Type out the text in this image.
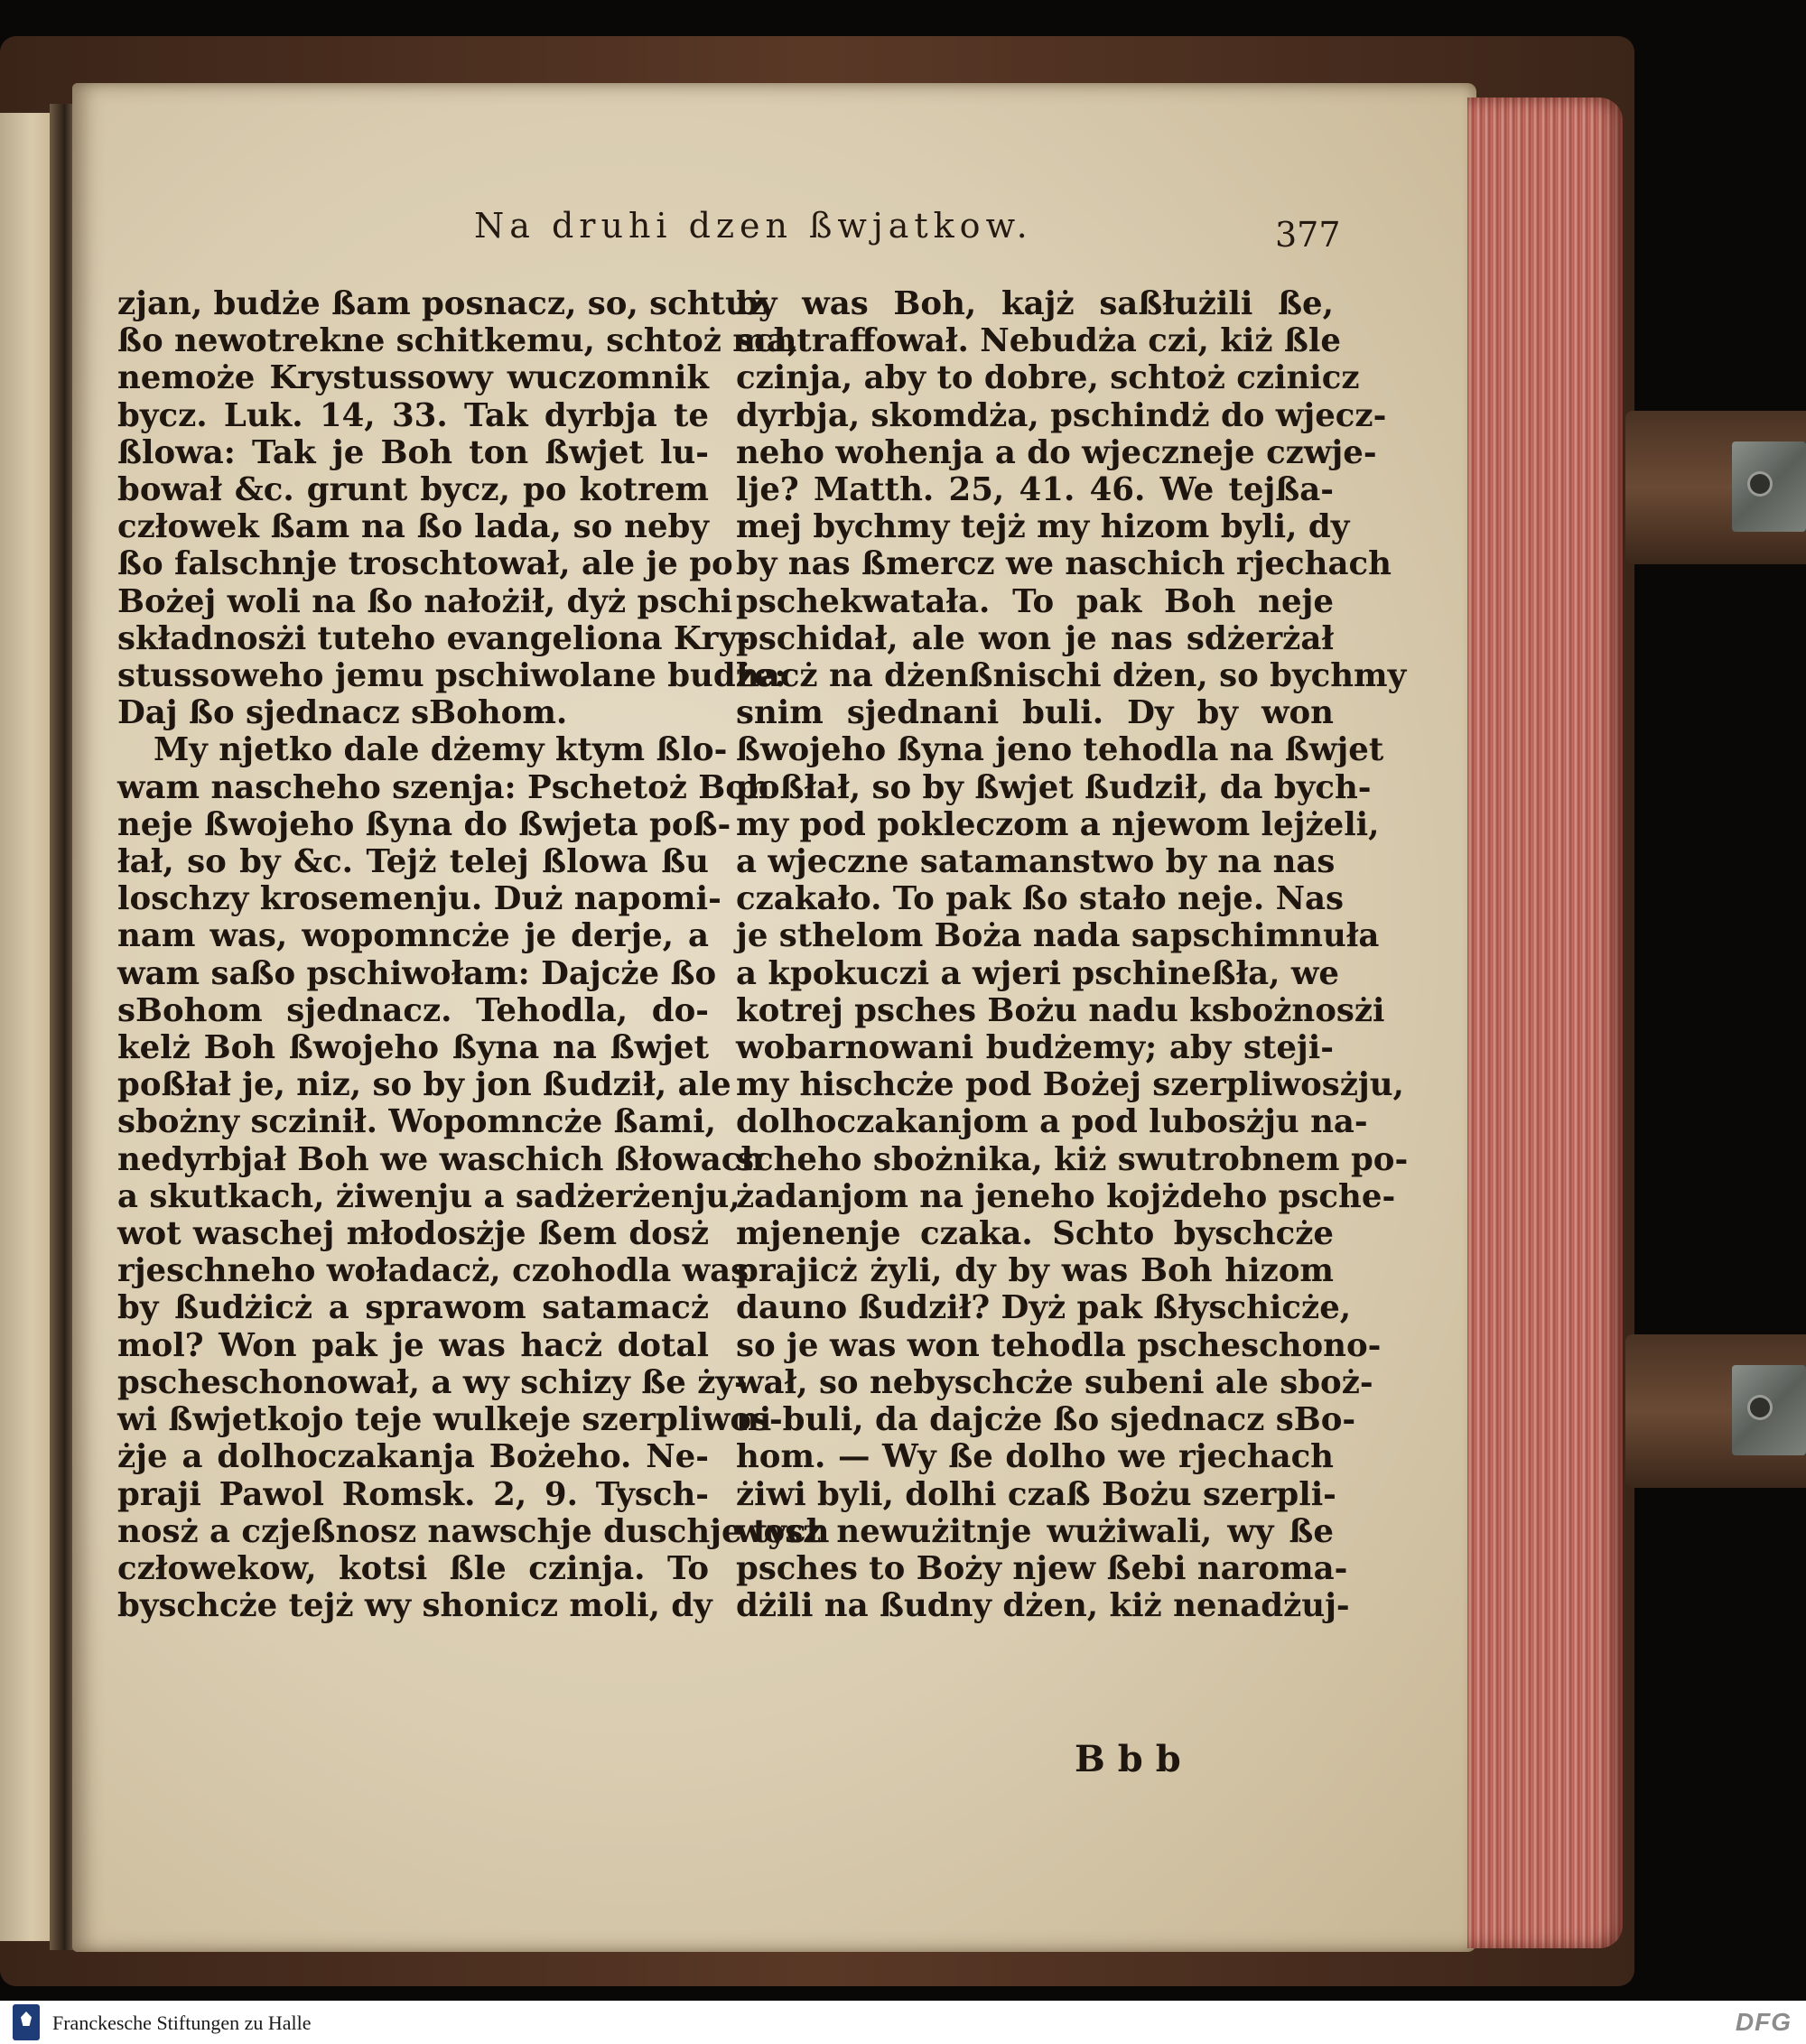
Na druhi dzen ßwjatkow.	377
zjan, budże ßam posnacz, so, schtuż
ßo newotrekne schitkemu, schtoż ma,
nemoże Krystussowy wuczomnik
bycz. Luk. 14, 33. Tak dyrbja te
ßlowa: Tak je Boh ton ßwjet lu-
bował &c. grunt bycz, po kotrem
człowek ßam na ßo lada, so neby
ßo falschnje troschtował, ale je po
Bożej woli na ßo nałożił, dyż pschi
składnosżi tuteho evangeliona Kry-
stussoweho jemu pschiwolane budże:
Daj ßo sjednacz sBohom.
My njetko dale dżemy ktym ßlo-
wam nascheho szenja: Pschetoż Boh
neje ßwojeho ßyna do ßwjeta poß-
łał, so by &c. Tejż telej ßlowa ßu
loschzy krosemenju. Duż napomi-
nam was, wopomncże je derje, a
wam saßo pschiwołam: Dajcże ßo
sBohom sjednacz. Tehodla, do-
kelż Boh ßwojeho ßyna na ßwjet
poßłał je, niz, so by jon ßudził, ale
sbożny sczinił. Wopomncże ßami,
nedyrbjał Boh we waschich ßłowach
a skutkach, żiwenju a sadżerżenju,
wot waschej młodosżje ßem dosż
rjeschneho woładacż, czohodla was
by ßudżicż a sprawom satamacż
mol? Won pak je was hacż dotal
pscheschonował, a wy schizy ße ży-
wi ßwjetkojo teje wulkeje szerpliwos-
żje a dolhoczakanja Bożeho. Ne-
praji Pawol Romsk. 2, 9. Tysch-
nosż a czjeßnosz nawschje duschje tych
człowekow, kotsi ßle czinja. To
byschcże tejż wy shonicz moli, dy
by was Boh, kajż saßłużili ße,
schtraffował. Nebudża czi, kiż ßle
czinja, aby to dobre, schtoż czinicz
dyrbja, skomdża, pschindż do wjecz-
neho wohenja a do wjeczneje czwje-
lje? Matth. 25, 41. 46. We tejßa-
mej bychmy tejż my hizom byli, dy
by nas ßmercz we naschich rjechach
pschekwatała. To pak Boh neje
pschidał, ale won je nas sdżerżał
hacż na dżenßnischi dżen, so bychmy
snim sjednani buli. Dy by won
ßwojeho ßyna jeno tehodla na ßwjet
poßłał, so by ßwjet ßudził, da bych-
my pod pokleczom a njewom lejżeli,
a wjeczne satamanstwo by na nas
czakało. To pak ßo stało neje. Nas
je sthelom Boża nada sapschimnuła
a kpokuczi a wjeri pschineßła, we
kotrej psches Bożu nadu ksbożnosżi
wobarnowani budżemy; aby steji-
my hischcże pod Bożej szerpliwosżju,
dolhoczakanjom a pod lubosżju na-
scheho sbożnika, kiż swutrobnem po-
żadanjom na jeneho kojżdeho psche-
mjenenje czaka. Schto byschcże
prajicż żyli, dy by was Boh hizom
dauno ßudził? Dyż pak ßłyschicże,
so je was won tehodla pscheschono-
wał, so nebyschcże subeni ale sboż-
ni buli, da dajcże ßo sjednacz sBo-
hom. — Wy ße dolho we rjechach
żiwi byli, dolhi czaß Bożu szerpli-
wosż newużitnje wużiwali, wy ße
psches to Boży njew ßebi naroma-
dżili na ßudny dżen, kiż nenadżuj-
Bbb
Franckesche Stiftungen zu Halle	DFG
